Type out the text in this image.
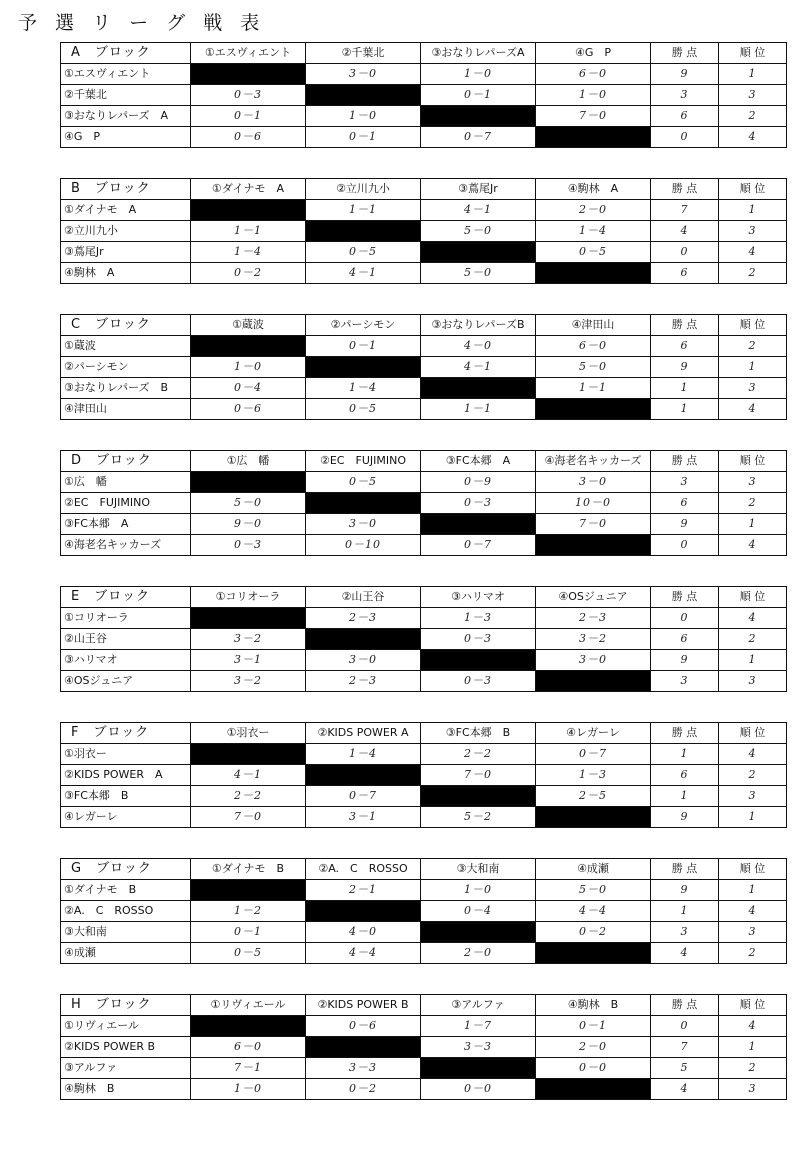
予 選 リ ー グ 戦 表
A　ブロック	①エスヴィエント	②千葉北	③おなりレパーズA	④G　P	勝 点	順 位
①エスヴィエント		3－0	1－0	6－0	9	1
②千葉北	0－3		0－1	1－0	3	3
③おなりレパーズ　A	0－1	1－0		7－0	6	2
④G　P	0－6	0－1	0－7		0	4
B　ブロック	①ダイナモ　A	②立川九小	③蔦尾Jr	④駒林　A	勝 点	順 位
①ダイナモ　A		1－1	4－1	2－0	7	1
②立川九小	1－1		5－0	1－4	4	3
③蔦尾Jr	1－4	0－5		0－5	0	4
④駒林　A	0－2	4－1	5－0		6	2
C　ブロック	①蔵波	②パーシモン	③おなりレパーズB	④津田山	勝 点	順 位
①蔵波		0－1	4－0	6－0	6	2
②パーシモン	1－0		4－1	5－0	9	1
③おなりレパーズ　B	0－4	1－4		1－1	1	3
④津田山	0－6	0－5	1－1		1	4
D　ブロック	①広　幡	②EC　FUJIMINO	③FC本郷　A	④海老名キッカーズ	勝 点	順 位
①広　幡		0－5	0－9	3－0	3	3
②EC　FUJIMINO	5－0		0－3	10－0	6	2
③FC本郷　A	9－0	3－0		7－0	9	1
④海老名キッカーズ	0－3	0－10	0－7		0	4
E　ブロック	①コリオーラ	②山王谷	③ハリマオ	④OSジュニア	勝 点	順 位
①コリオーラ		2－3	1－3	2－3	0	4
②山王谷	3－2		0－3	3－2	6	2
③ハリマオ	3－1	3－0		3－0	9	1
④OSジュニア	3－2	2－3	0－3		3	3
F　ブロック	①羽衣ー	②KIDS POWER A	③FC本郷　B	④レガーレ	勝 点	順 位
①羽衣ー		1－4	2－2	0－7	1	4
②KIDS POWER　A	4－1		7－0	1－3	6	2
③FC本郷　B	2－2	0－7		2－5	1	3
④レガーレ	7－0	3－1	5－2		9	1
G　ブロック	①ダイナモ　B	②A.　C　ROSSO	③大和南	④成瀬	勝 点	順 位
①ダイナモ　B		2－1	1－0	5－0	9	1
②A.　C　ROSSO	1－2		0－4	4－4	1	4
③大和南	0－1	4－0		0－2	3	3
④成瀬	0－5	4－4	2－0		4	2
H　ブロック	①リヴィエール	②KIDS POWER B	③アルファ	④駒林　B	勝 点	順 位
①リヴィエール		0－6	1－7	0－1	0	4
②KIDS POWER B	6－0		3－3	2－0	7	1
③アルファ	7－1	3－3		0－0	5	2
④駒林　B	1－0	0－2	0－0		4	3
